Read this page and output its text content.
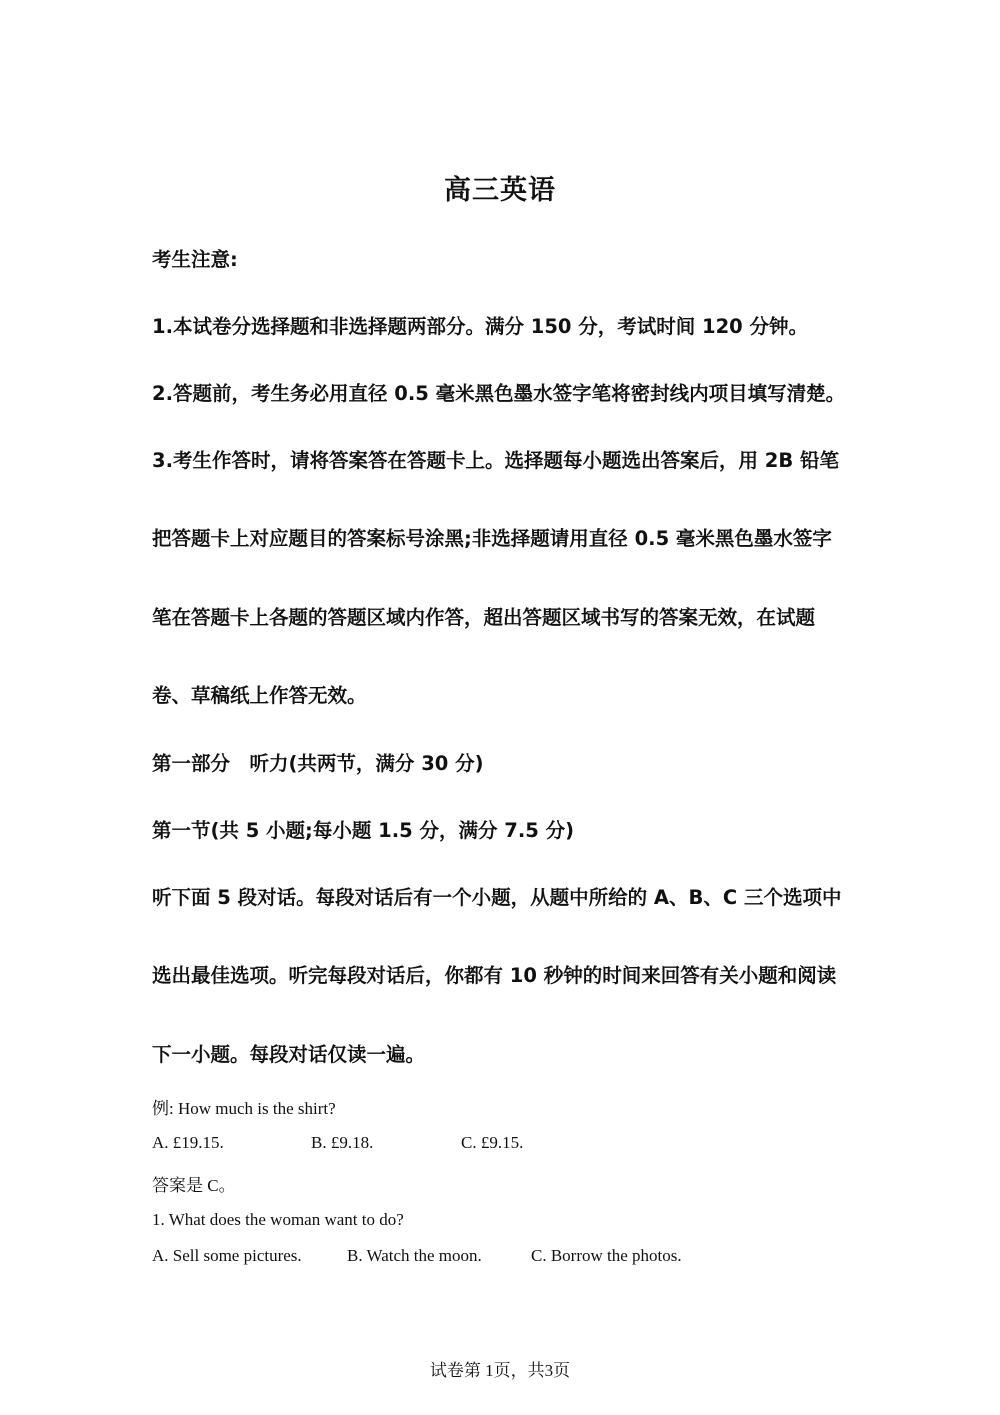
高三英语
考生注意:
1.本试卷分选择题和非选择题两部分。满分 150 分，考试时间 120 分钟。
2.答题前，考生务必用直径 0.5 毫米黑色墨水签字笔将密封线内项目填写清楚。
3.考生作答时，请将答案答在答题卡上。选择题每小题选出答案后，用 2B 铅笔
把答题卡上对应题目的答案标号涂黑;非选择题请用直径 0.5 毫米黑色墨水签字
笔在答题卡上各题的答题区域内作答，超出答题区域书写的答案无效，在试题
卷、草稿纸上作答无效。
第一部分　听力(共两节，满分 30 分)
第一节(共 5 小题;每小题 1.5 分，满分 7.5 分)
听下面 5 段对话。每段对话后有一个小题，从题中所给的 A、B、C 三个选项中
选出最佳选项。听完每段对话后，你都有 10 秒钟的时间来回答有关小题和阅读
下一小题。每段对话仅读一遍。
例: How much is the shirt?
A. £19.15.	B. £9.18.	C. £9.15.
答案是 C。
1. What does the woman want to do?
A. Sell some pictures.	B. Watch the moon.	C. Borrow the photos.
试卷第 1页，共3页
